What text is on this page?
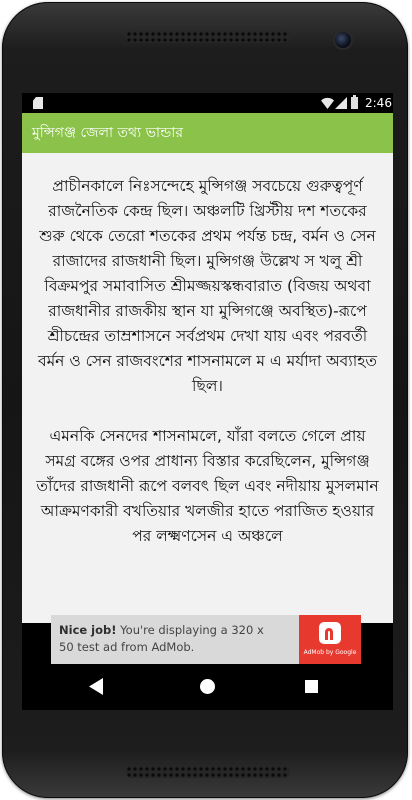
2:46
মুন্সিগঞ্জ জেলা তথ্য ভান্ডার

প্রাচীনকালে নিঃসন্দেহে মুন্সিগঞ্জ সবচেয়ে গুরুত্বপূর্ণ রাজনৈতিক কেন্দ্র ছিল। অঞ্চলটি খ্রিস্টীয় দশ শতকের শুরু থেকে তেরো শতকের প্রথম পর্যন্ত চন্দ্র, বর্মন ও সেন রাজাদের রাজধানী ছিল। মুন্সিগঞ্জ উল্লেখ স খলু শ্রী বিক্রমপুর সমাবাসিত শ্রীমজ্জয়স্কন্ধবারাত (বিজয় অথবা রাজধানীর রাজকীয় স্থান যা মুন্সিগঞ্জে অবস্থিত)-রূপে শ্রীচন্দ্রের তাম্রশাসনে সর্বপ্রথম দেখা যায় এবং পরবর্তী বর্মন ও সেন রাজবংশের শাসনামলে ম এ মর্যাদা অব্যাহত ছিল।

এমনকি সেনদের শাসনামলে, যাঁরা বলতে গেলে প্রায় সমগ্র বঙ্গের ওপর প্রাধান্য বিস্তার করেছিলেন, মুন্সিগঞ্জ তাঁদের রাজধানী রূপে বলবৎ ছিল এবং নদীয়ায় মুসলমান আক্রমণকারী বখতিয়ার খলজীর হাতে পরাজিত হওয়ার পর লক্ষ্মণসেন এ অঞ্চলে

Nice job! You're displaying a 320 x 50 test ad from AdMob.	AdMob by Google
